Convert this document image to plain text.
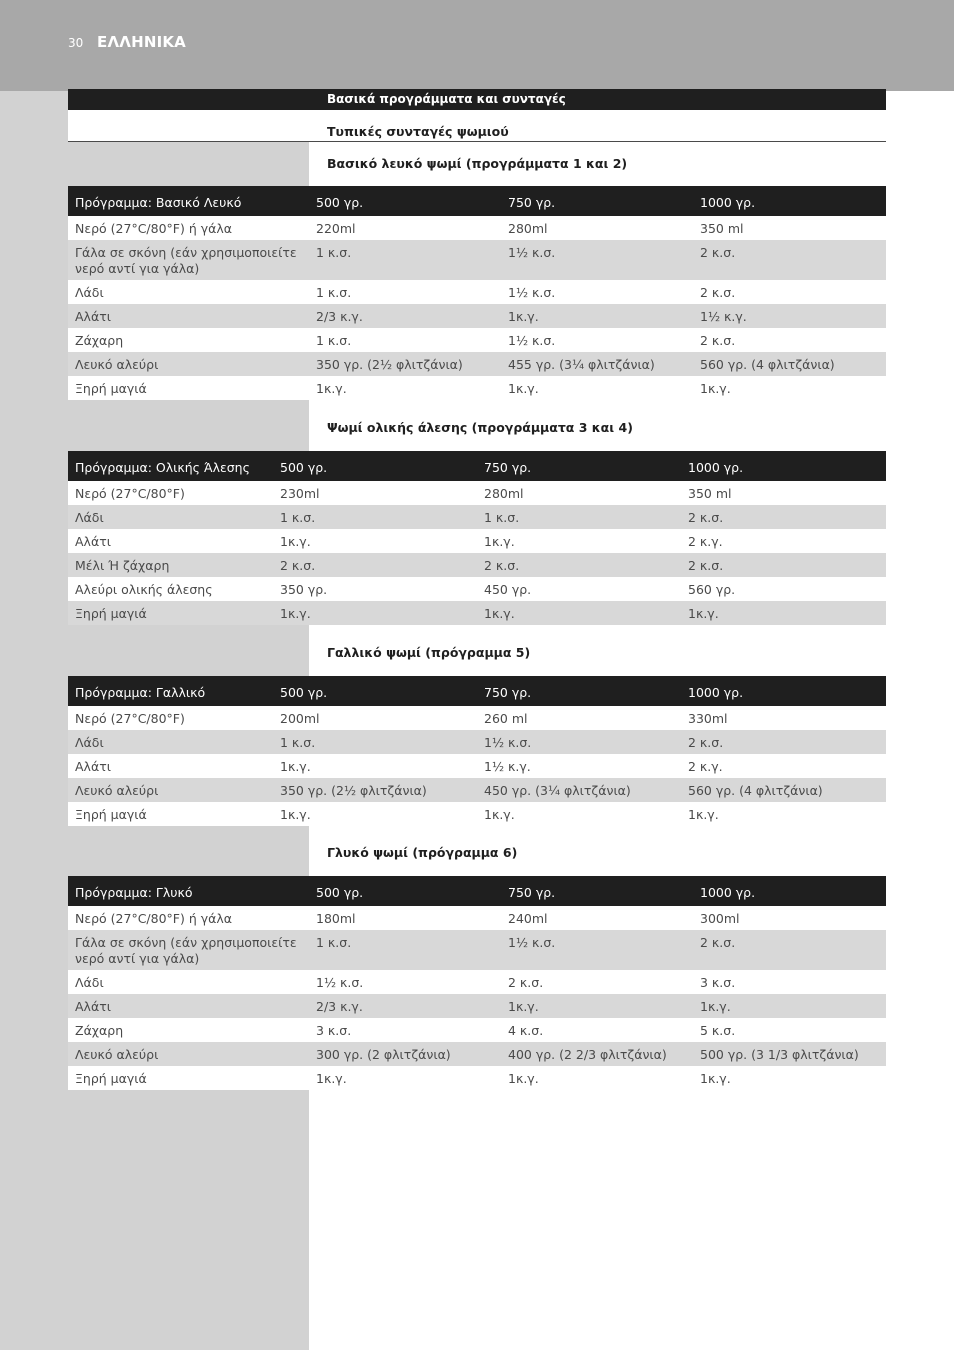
30 ΕΛΛΗΝΙΚΑ
Βασικά προγράμματα και συνταγές
Τυπικές συνταγές ψωμιού
Βασικό λευκό ψωμί (προγράμματα 1 και 2)
Πρόγραμμα: Βασικό Λευκό	500 γρ.	750 γρ.	1000 γρ.
Νερό (27°C/80°F) ή γάλα	220ml	280ml	350 ml
Γάλα σε σκόνη (εάν χρησιμοποιείτε νερό αντί για γάλα)	1 κ.σ.	1½ κ.σ.	2 κ.σ.
Λάδι	1 κ.σ.	1½ κ.σ.	2 κ.σ.
Αλάτι	2/3 κ.γ.	1κ.γ.	1½ κ.γ.
Ζάχαρη	1 κ.σ.	1½ κ.σ.	2 κ.σ.
Λευκό αλεύρι	350 γρ. (2½ φλιτζάνια)	455 γρ. (3¼ φλιτζάνια)	560 γρ. (4 φλιτζάνια)
Ξηρή μαγιά	1κ.γ.	1κ.γ.	1κ.γ.
Ψωμί ολικής άλεσης (προγράμματα 3 και 4)
Πρόγραμμα: Ολικής Άλεσης	500 γρ.	750 γρ.	1000 γρ.
Νερό (27°C/80°F)	230ml	280ml	350 ml
Λάδι	1 κ.σ.	1 κ.σ.	2 κ.σ.
Αλάτι	1κ.γ.	1κ.γ.	2 κ.γ.
Μέλι Ή ζάχαρη	2 κ.σ.	2 κ.σ.	2 κ.σ.
Αλεύρι ολικής άλεσης	350 γρ.	450 γρ.	560 γρ.
Ξηρή μαγιά	1κ.γ.	1κ.γ.	1κ.γ.
Γαλλικό ψωμί (πρόγραμμα 5)
Πρόγραμμα: Γαλλικό	500 γρ.	750 γρ.	1000 γρ.
Νερό (27°C/80°F)	200ml	260 ml	330ml
Λάδι	1 κ.σ.	1½ κ.σ.	2 κ.σ.
Αλάτι	1κ.γ.	1½ κ.γ.	2 κ.γ.
Λευκό αλεύρι	350 γρ. (2½ φλιτζάνια)	450 γρ. (3¼ φλιτζάνια)	560 γρ. (4 φλιτζάνια)
Ξηρή μαγιά	1κ.γ.	1κ.γ.	1κ.γ.
Γλυκό ψωμί (πρόγραμμα 6)
Πρόγραμμα: Γλυκό	500 γρ.	750 γρ.	1000 γρ.
Νερό (27°C/80°F) ή γάλα	180ml	240ml	300ml
Γάλα σε σκόνη (εάν χρησιμοποιείτε νερό αντί για γάλα)	1 κ.σ.	1½ κ.σ.	2 κ.σ.
Λάδι	1½ κ.σ.	2 κ.σ.	3 κ.σ.
Αλάτι	2/3 κ.γ.	1κ.γ.	1κ.γ.
Ζάχαρη	3 κ.σ.	4 κ.σ.	5 κ.σ.
Λευκό αλεύρι	300 γρ. (2 φλιτζάνια)	400 γρ. (2 2/3 φλιτζάνια)	500 γρ. (3 1/3 φλιτζάνια)
Ξηρή μαγιά	1κ.γ.	1κ.γ.	1κ.γ.
